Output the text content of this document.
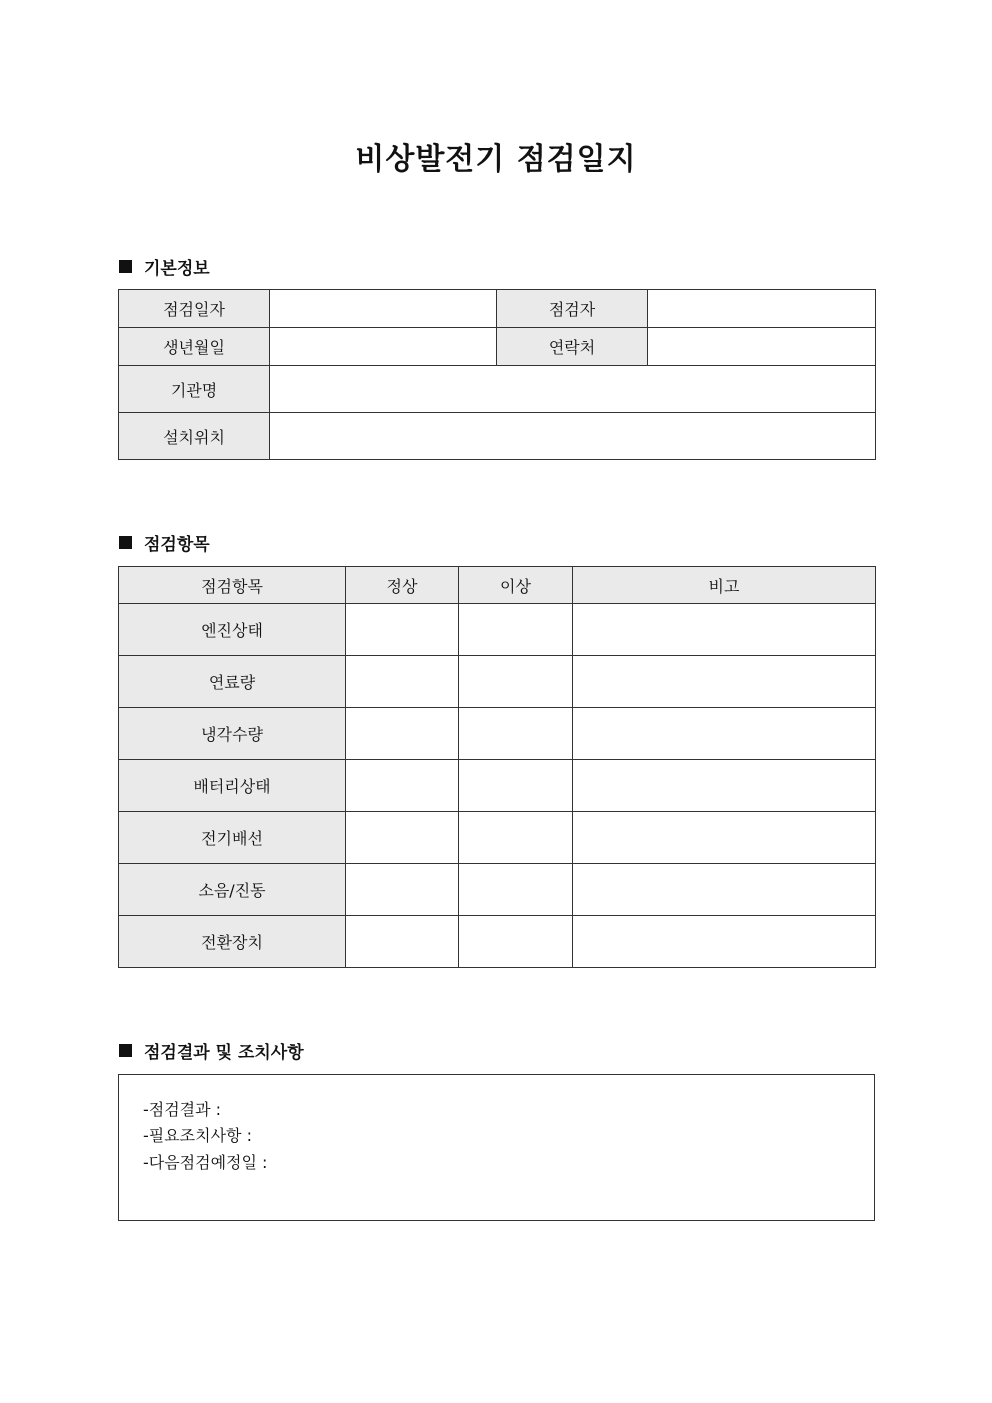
비상발전기 점검일지
기본정보
점검일자		점검자	
생년월일		연락처	
기관명			
설치위치			
점검항목
점검항목	정상	이상	비고
엔진상태			
연료량			
냉각수량			
배터리상태			
전기배선			
소음/진동			
전환장치			
점검결과 및 조치사항
-점검결과 :
-필요조치사항 :
-다음점검예정일 :
